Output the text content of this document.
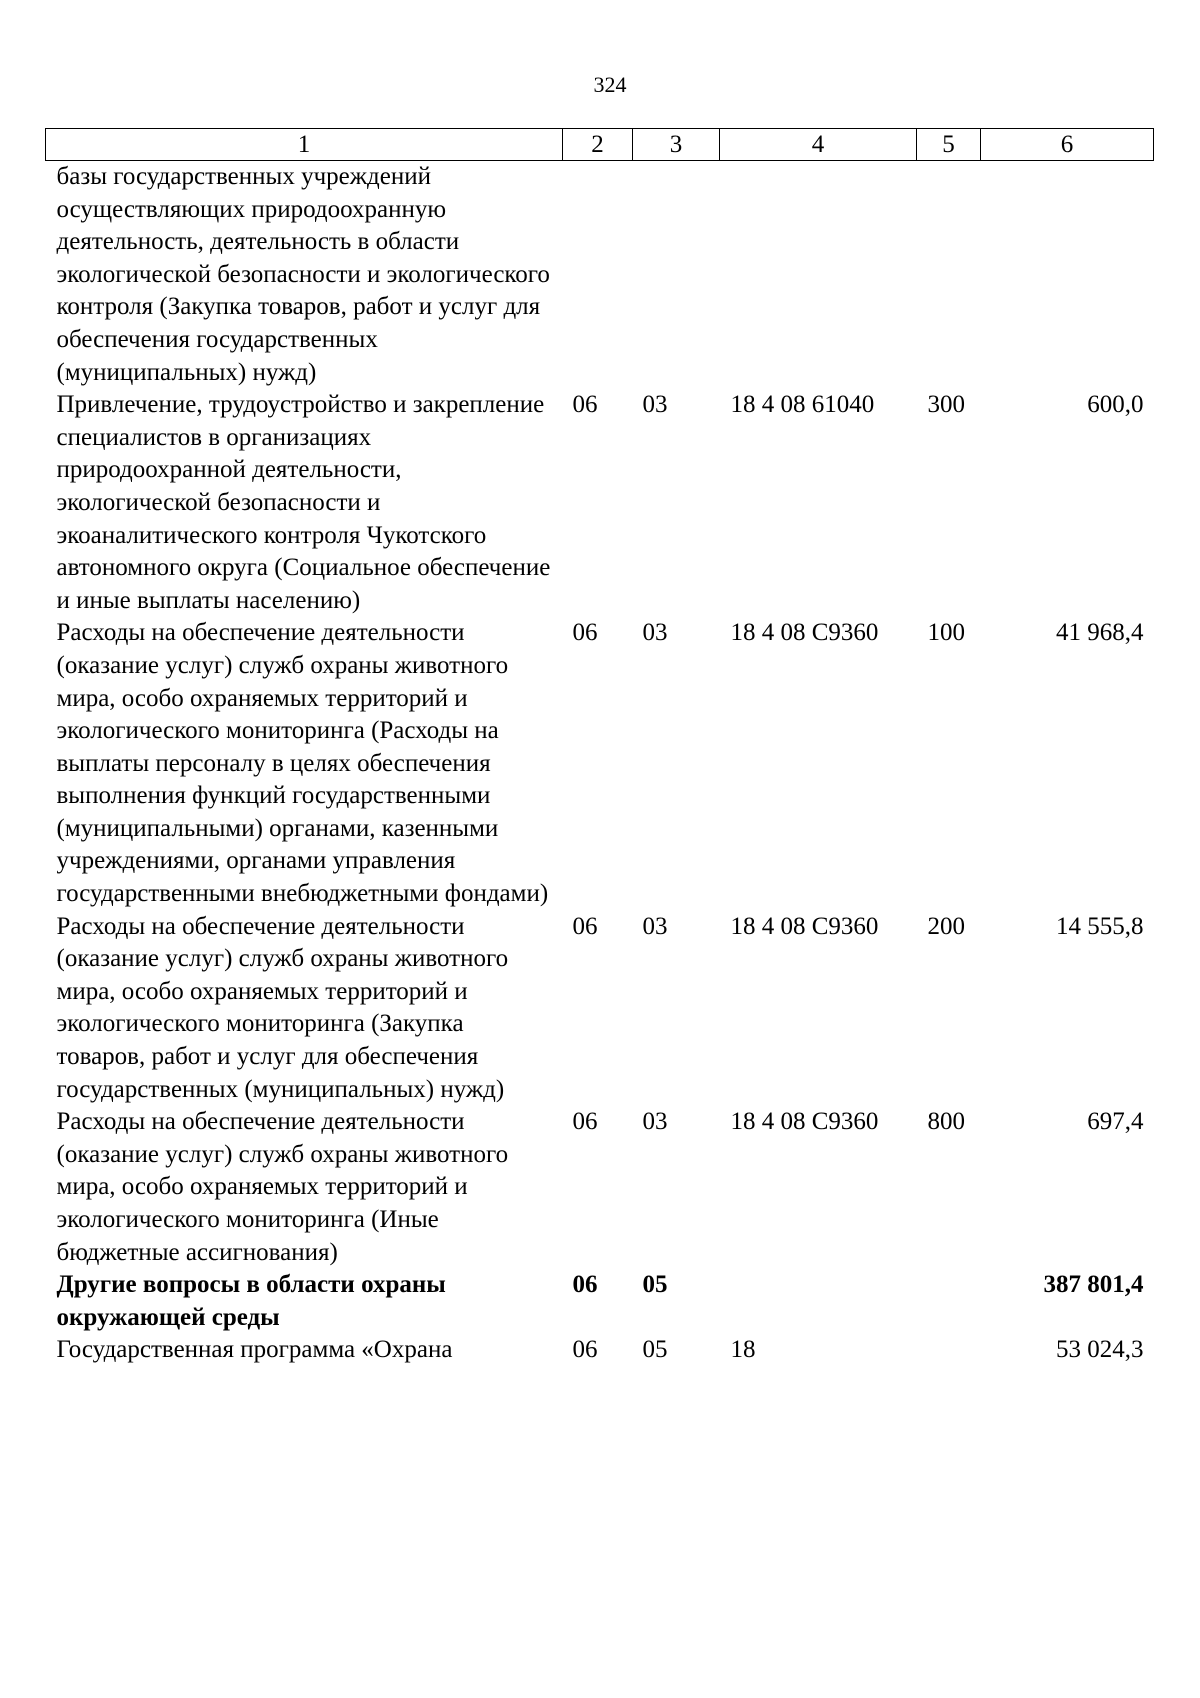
324
1	2	3	4	5	6
базы государственных учреждений осуществляющих природоохранную деятельность, деятельность в области экологической безопасности и экологического контроля (Закупка товаров, работ и услуг для обеспечения государственных (муниципальных) нужд)					
Привлечение, трудоустройство и закрепление специалистов в организациях природоохранной деятельности, экологической безопасности и экоаналитического контроля Чукотского автономного округа (Социальное обеспечение и иные выплаты населению)	06	03	18 4 08 61040	300	600,0
Расходы на обеспечение деятельности (оказание услуг) служб охраны животного мира, особо охраняемых территорий и экологического мониторинга (Расходы на выплаты персоналу в целях обеспечения выполнения функций государственными (муниципальными) органами, казенными учреждениями, органами управления государственными внебюджетными фондами)	06	03	18 4 08 С9360	100	41 968,4
Расходы на обеспечение деятельности (оказание услуг) служб охраны животного мира, особо охраняемых территорий и экологического мониторинга (Закупка товаров, работ и услуг для обеспечения государственных (муниципальных) нужд)	06	03	18 4 08 С9360	200	14 555,8
Расходы на обеспечение деятельности (оказание услуг) служб охраны животного мира, особо охраняемых территорий и экологического мониторинга (Иные бюджетные ассигнования)	06	03	18 4 08 С9360	800	697,4
Другие вопросы в области охраны окружающей среды	06	05			387 801,4
Государственная программа «Охрана	06	05	18		53 024,3
